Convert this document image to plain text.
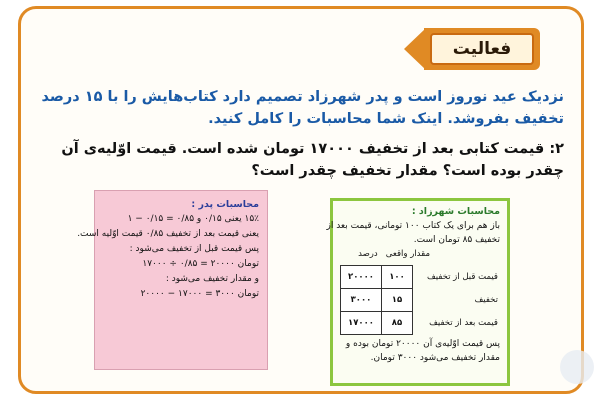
فعالیت
نزدیک عید نوروز است و پدر شهرزاد تصمیم دارد کتاب‌هایش را با ۱۵ درصد تخفیف بفروشد. اینک شما محاسبات را کامل کنید.
۲: قیمت کتابی بعد از تخفیف ۱۷۰۰۰ تومان شده است. قیمت اوّلیه‌ی آن چقدر بوده است؟ مقدار تخفیف چقدر است؟
محاسبات پدر :
۱۵٪ یعنی ۰/۱۵ و ۰/۸۵ = ۰/۱۵ − ۱
یعنی قیمت بعد از تخفیف ۰/۸۵ قیمت اوّلیه است.
پس قیمت قبل از تخفیف می‌شود :
تومان ۲۰۰۰۰ = ۰/۸۵ ÷ ۱۷۰۰۰
و مقدار تخفیف می‌شود :
تومان ۳۰۰۰ = ۱۷۰۰۰ − ۲۰۰۰۰
محاسبات شهرزاد :
باز هم برای یک کتاب ۱۰۰ تومانی، قیمت بعد از
تخفیف ۸۵ تومان است.
مقدار واقعی   درصد
قیمت قبل از تخفیف	۱۰۰	۲۰۰۰۰
تخفیف	۱۵	۳۰۰۰
قیمت بعد از تخفیف	۸۵	۱۷۰۰۰
پس قیمت اوّلیه‌ی آن ۲۰۰۰۰ تومان بوده و
مقدار تخفیف می‌شود ۳۰۰۰ تومان.
